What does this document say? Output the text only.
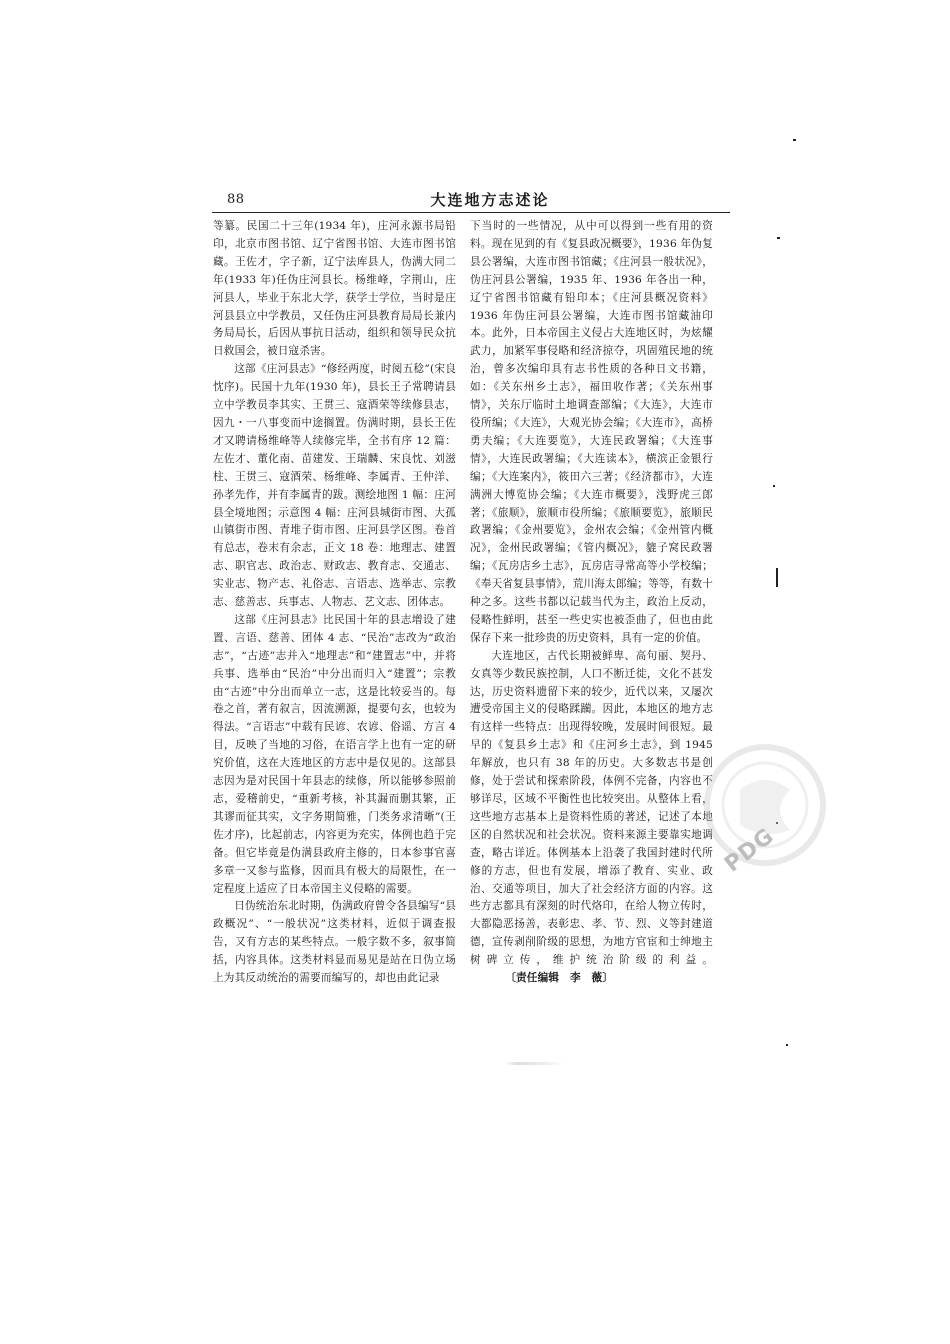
88	大连地方志述论

等纂。民国二十三年(1934 年)，庄河永源书局铅印，北京市图书馆、辽宁省图书馆、大连市图书馆藏。王佐才，字子新，辽宁法库县人，伪满大同二年(1933 年)任伪庄河县长。杨维峰，字荆山，庄河县人，毕业于东北大学，获学士学位，当时是庄河县县立中学教员，又任伪庄河县教育局局长兼内务局局长，后因从事抗日活动，组织和领导民众抗日救国会，被日寇杀害。

这部《庄河县志》“修经两度，时阅五稔”(宋良忱序)。民国十九年(1930 年)，县长王子常聘请县立中学教员李其实、王贯三、寇酒荣等续修县志，因九・一八事变而中途搁置。伪满时期，县长王佐才又聘请杨维峰等人续修完毕，全书有序 12 篇：左佐才、董化南、苗建发、王瑞麟、宋良忱、刘滋柱、王贯三、寇酒荣、杨维峰、李属青、王仲洋、孙孝先作，并有李属青的跋。测绘地图 1 幅：庄河县全境地图；示意图 4 幅：庄河县城街市图、大孤山镇街市图、青堆子街市图、庄河县学区图。卷首有总志，卷末有余志，正文 18 卷：地理志、建置志、职官志、政治志、财政志、教育志、交通志、实业志、物产志、礼俗志、言语志、选举志、宗教志、慈善志、兵事志、人物志、艺文志、团体志。

这部《庄河县志》比民国十年的县志增设了建置、言语、慈善、团体 4 志、“民治”志改为“政治志”，“古迹”志并入“地理志”和“建置志”中，并将兵事、选举由“民治”中分出而归入“建置”；宗教由“古迹”中分出而单立一志，这是比较妥当的。每卷之首，著有叙言，因流溯源，提要句玄，也较为得法。“言语志”中载有民谚、农谚、俗谣、方言 4 目，反映了当地的习俗，在语言学上也有一定的研究价值，这在大连地区的方志中是仅见的。这部县志因为是对民国十年县志的续修，所以能够参照前志，爱稽前史，“重新考核，补其漏而删其繁，正其谬而征其实，文字务期简雅，门类务求清晰”(王佐才序)，比起前志，内容更为充实，体例也趋于完备。但它毕竟是伪满县政府主修的，日本参事官喜多章一又参与监修，因而具有极大的局限性，在一定程度上适应了日本帝国主义侵略的需要。

日伪统治东北时期，伪满政府曾令各县编写“县政概况”、“一般状况”这类材料，近似于调查报告，又有方志的某些特点。一般字数不多，叙事简括，内容具体。这类材料显而易见是站在日伪立场上为其反动统治的需要而编写的，却也由此记录

下当时的一些情况，从中可以得到一些有用的资料。现在见到的有《复县政况概要》，1936 年伪复县公署编，大连市图书馆藏；《庄河县一般状况》，伪庄河县公署编，1935 年、1936 年各出一种，辽宁省图书馆藏有铅印本；《庄河县概况资料》1936 年伪庄河县公署编，大连市图书馆藏油印本。此外，日本帝国主义侵占大连地区时，为炫耀武力，加紧军事侵略和经济掠夺，巩固殖民地的统治，曾多次编印具有志书性质的各种日文书籍，如：《关东州乡土志》，福田收作著；《关东州事情》，关东厅临时土地调查部编；《大连》，大连市役所编；《大连》，大观光协会编；《大连市》，高桥勇夫编；《大连要览》，大连民政署编；《大连事情》，大连民政署编；《大连读本》，横滨正金银行编；《大连案内》，筱田六三著；《经济都市》，大连满洲大博览协会编；《大连市概要》，浅野虎三郎著；《旅顺》，旅顺市役所编；《旅顺要览》，旅顺民政署编；《金州要览》，金州农会编；《金州管内概况》，金州民政署编；《管内概况》，貔子窝民政署编；《瓦房店乡土志》，瓦房店寻常高等小学校编；《奉天省复县事情》，荒川海太郎编；等等，有数十种之多。这些书都以记载当代为主，政治上反动，侵略性鲜明，甚至一些史实也被歪曲了，但也由此保存下来一批珍贵的历史资料，具有一定的价值。

大连地区，古代长期被鲜卑、高句丽、契丹、女真等少数民族控制，人口不断迁徙，文化不甚发达，历史资料遗留下来的较少，近代以来，又屡次遭受帝国主义的侵略蹂躏。因此，本地区的地方志有这样一些特点：出现得较晚，发展时间很短。最早的《复县乡土志》和《庄河乡土志》，到 1945 年解放，也只有 38 年的历史。大多数志书是创修，处于尝试和探索阶段，体例不完备，内容也不够详尽，区域不平衡性也比较突出。从整体上看，这些地方志基本上是资料性质的著述，记述了本地区的自然状况和社会状况。资料来源主要靠实地调查，略古详近。体例基本上沿袭了我国封建时代所修的方志，但也有发展，增添了教育、实业、政治、交通等项目，加大了社会经济方面的内容。这些方志都具有深刻的时代烙印，在给人物立传时，大都隐恶扬善，表彰忠、孝、节、烈、义等封建道德，宣传剥削阶级的思想，为地方官宦和士绅地主树碑立传，维护统治阶级的利益。〔责任编辑　李　薇〕

PDG
